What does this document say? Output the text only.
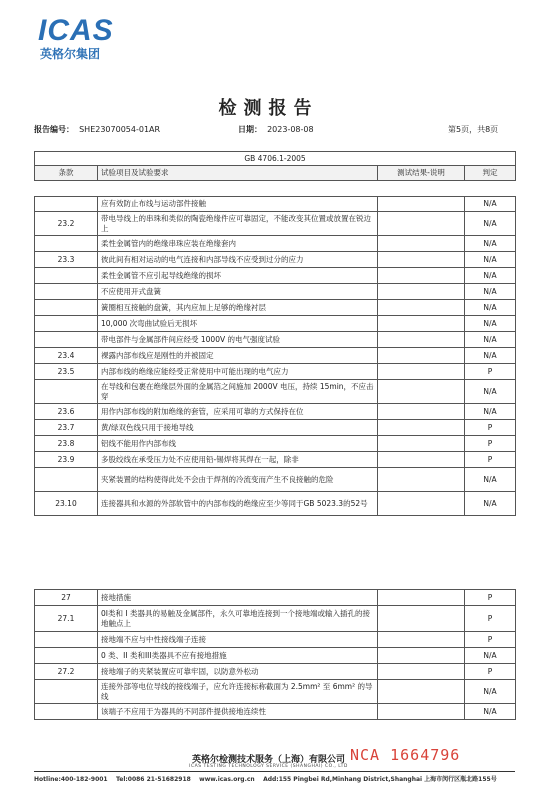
ICAS
英格尔集团
检测报告
报告编号： SHE23070054-01AR	日期： 2023-08-08	第5页，共8页
GB 4706.1-2005			
条款	试验项目及试验要求	测试结果-说明	判定

	应有效防止布线与运动部件接触		N/A
23.2	带电导线上的串珠和类似的陶瓷绝缘件应可靠固定，不能改变其位置或放置在锐边上		N/A
	柔性金属管内的绝缘串珠应装在绝缘套内		N/A
23.3	彼此间有相对运动的电气连接和内部导线不应受到过分的应力		N/A
	柔性金属管不应引起导线绝缘的损坏		N/A
	不应使用开式盘簧		N/A
	簧圈相互接触的盘簧，其内应加上足够的绝缘衬层		N/A
	10,000 次弯曲试验后无损坏		N/A
	带电部件与金属部件间应经受 1000V 的电气强度试验		N/A
23.4	裸露内部布线应是刚性的并被固定		N/A
23.5	内部布线的绝缘应能经受正常使用中可能出现的电气应力		P
	在导线和包裹在绝缘层外面的金属箔之间施加 2000V 电压，持续 15min，不应击穿		N/A
23.6	用作内部布线的附加绝缘的套管，应采用可靠的方式保持在位		N/A
23.7	黄/绿双色线只用于接地导线		P
23.8	铝线不能用作内部布线		P
23.9	多股绞线在承受压力处不应使用铅-锡焊将其焊在一起，除非		P
	夹紧装置的结构使得此处不会由于焊剂的冷流变而产生不良接触的危险		N/A
23.10	连接器具和水源的外部软管中的内部布线的绝缘应至少等同于GB 5023.3的52号		N/A
27	接地措施		P
27.1	0I类和 I 类器具的易触及金属部件，永久可靠地连接到一个接地端或输入插孔的接地触点上		P
	接地端不应与中性接线端子连接		P
	0 类、II 类和III类器具不应有接地措施		N/A
27.2	接地端子的夹紧装置应可靠牢固，以防意外松动		P
	连接外部等电位导线的接线端子，应允许连接标称截面为 2.5mm² 至 6mm² 的导线		N/A
	该端子不应用于为器具的不同部件提供接地连续性		N/A
NCA 1664796
英格尔检测技术服务（上海）有限公司
ICAS TESTING TECHNOLOGY SERVICE (SHANGHAI) CO., LTD
Hotline:400-182-9001 Tel:0086 21-51682918 www.icas.org.cn Add:155 Pingbei Rd,Minhang District,Shanghai 上海市闵行区瓶北路155号
